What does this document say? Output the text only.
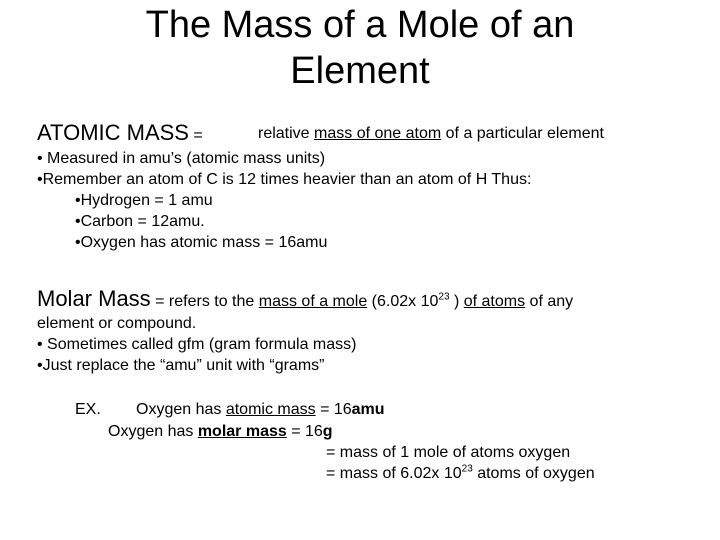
The Mass of a Mole of an
Element
ATOMIC MASS =	relative mass of one atom of a particular element
• Measured in amu’s (atomic mass units)
•Remember an atom of C is 12 times heavier than an atom of H Thus:
•Hydrogen = 1 amu
•Carbon = 12amu.
•Oxygen has atomic mass = 16amu
Molar Mass = refers to the mass of a mole (6.02x $10^{23}$ ) of atoms of any
element or compound.
• Sometimes called gfm (gram formula mass)
•Just replace the “amu” unit with “grams”
EX. Oxygen has atomic mass = 16amu
Oxygen has molar mass = 16g
= mass of 1 mole of atoms oxygen
= mass of 6.02x $10^{23}$ atoms of oxygen
